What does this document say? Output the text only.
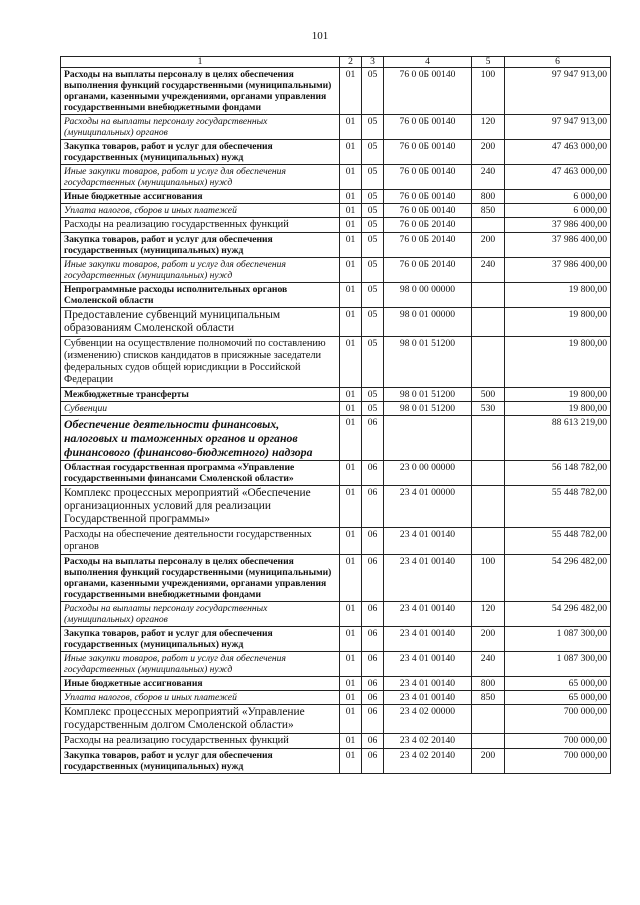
101
1	2	3	4	5	6
Расходы на выплаты персоналу в целях обеспечения выполнения функций государственными (муниципальными) органами, казенными учреждениями, органами управления государственными внебюджетными фондами	01	05	76 0 0Б 00140	100	97 947 913,00
Расходы на выплаты персоналу государственных (муниципальных) органов	01	05	76 0 0Б 00140	120	97 947 913,00
Закупка товаров, работ и услуг для обеспечения государственных (муниципальных) нужд	01	05	76 0 0Б 00140	200	47 463 000,00
Иные закупки товаров, работ и услуг для обеспечения государственных (муниципальных) нужд	01	05	76 0 0Б 00140	240	47 463 000,00
Иные бюджетные ассигнования	01	05	76 0 0Б 00140	800	6 000,00
Уплата налогов, сборов и иных платежей	01	05	76 0 0Б 00140	850	6 000,00
Расходы на реализацию государственных функций	01	05	76 0 0Б 20140		37 986 400,00
Закупка товаров, работ и услуг для обеспечения государственных (муниципальных) нужд	01	05	76 0 0Б 20140	200	37 986 400,00
Иные закупки товаров, работ и услуг для обеспечения государственных (муниципальных) нужд	01	05	76 0 0Б 20140	240	37 986 400,00
Непрограммные расходы исполнительных органов Смоленской области	01	05	98 0 00 00000		19 800,00
Предоставление субвенций муниципальным образованиям Смоленской области	01	05	98 0 01 00000		19 800,00
Субвенции на осуществление полномочий по составлению (изменению) списков кандидатов в присяжные заседатели федеральных судов общей юрисдикции в Российской Федерации	01	05	98 0 01 51200		19 800,00
Межбюджетные трансферты	01	05	98 0 01 51200	500	19 800,00
Субвенции	01	05	98 0 01 51200	530	19 800,00
Обеспечение деятельности финансовых, налоговых и таможенных органов и органов финансового (финансово-бюджетного) надзора	01	06			88 613 219,00
Областная государственная программа «Управление государственными финансами Смоленской области»	01	06	23 0 00 00000		56 148 782,00
Комплекс процессных мероприятий «Обеспечение организационных условий для реализации Государственной программы»	01	06	23 4 01 00000		55 448 782,00
Расходы на обеспечение деятельности государственных органов	01	06	23 4 01 00140		55 448 782,00
Расходы на выплаты персоналу в целях обеспечения выполнения функций государственными (муниципальными) органами, казенными учреждениями, органами управления государственными внебюджетными фондами	01	06	23 4 01 00140	100	54 296 482,00
Расходы на выплаты персоналу государственных (муниципальных) органов	01	06	23 4 01 00140	120	54 296 482,00
Закупка товаров, работ и услуг для обеспечения государственных (муниципальных) нужд	01	06	23 4 01 00140	200	1 087 300,00
Иные закупки товаров, работ и услуг для обеспечения государственных (муниципальных) нужд	01	06	23 4 01 00140	240	1 087 300,00
Иные бюджетные ассигнования	01	06	23 4 01 00140	800	65 000,00
Уплата налогов, сборов и иных платежей	01	06	23 4 01 00140	850	65 000,00
Комплекс процессных мероприятий «Управление государственным долгом Смоленской области»	01	06	23 4 02 00000		700 000,00
Расходы на реализацию государственных функций	01	06	23 4 02 20140		700 000,00
Закупка товаров, работ и услуг для обеспечения государственных (муниципальных) нужд	01	06	23 4 02 20140	200	700 000,00
